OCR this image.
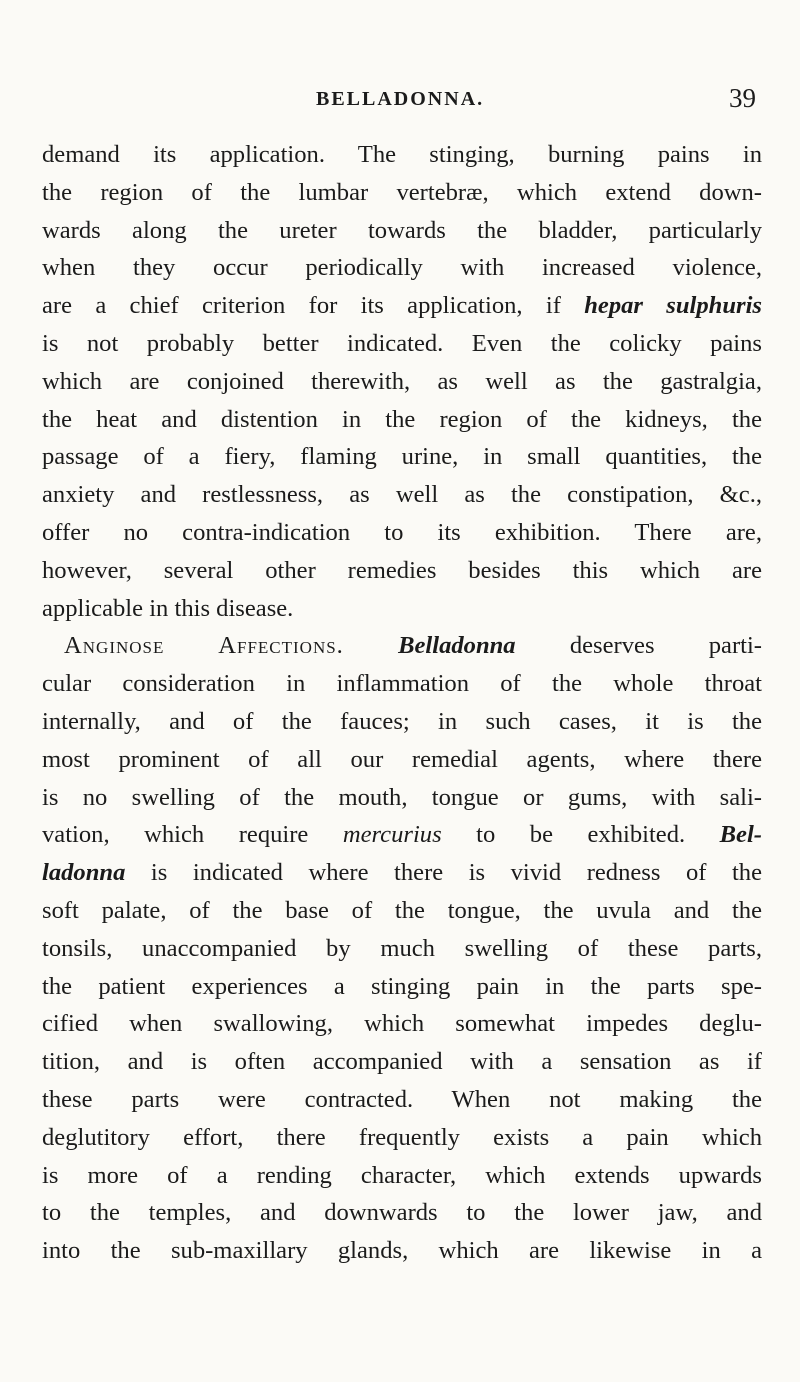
BELLADONNA.	39
demand its application. The stinging, burning pains in
the region of the lumbar vertebræ, which extend down-
wards along the ureter towards the bladder, particularly
when they occur periodically with increased violence,
are a chief criterion for its application, if hepar sulphuris
is not probably better indicated. Even the colicky pains
which are conjoined therewith, as well as the gastralgia,
the heat and distention in the region of the kidneys, the
passage of a fiery, flaming urine, in small quantities, the
anxiety and restlessness, as well as the constipation, &c.,
offer no contra-indication to its exhibition. There are,
however, several other remedies besides this which are
applicable in this disease.
Anginose Affections. Belladonna deserves parti-
cular consideration in inflammation of the whole throat
internally, and of the fauces; in such cases, it is the
most prominent of all our remedial agents, where there
is no swelling of the mouth, tongue or gums, with sali-
vation, which require mercurius to be exhibited. Bel-
ladonna is indicated where there is vivid redness of the
soft palate, of the base of the tongue, the uvula and the
tonsils, unaccompanied by much swelling of these parts,
the patient experiences a stinging pain in the parts spe-
cified when swallowing, which somewhat impedes deglu-
tition, and is often accompanied with a sensation as if
these parts were contracted. When not making the
deglutitory effort, there frequently exists a pain which
is more of a rending character, which extends upwards
to the temples, and downwards to the lower jaw, and
into the sub-maxillary glands, which are likewise in a
